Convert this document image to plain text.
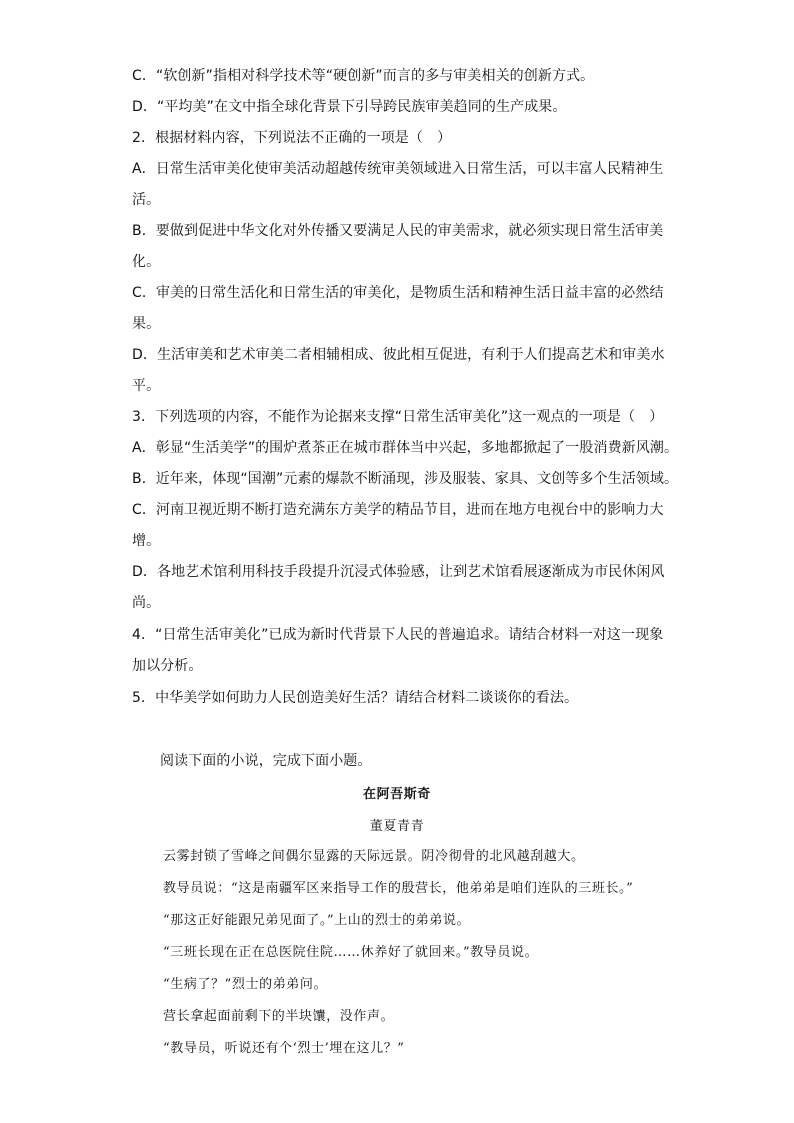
C．“软创新”指相对科学技术等“硬创新”而言的多与审美相关的创新方式。
D．“平均美”在文中指全球化背景下引导跨民族审美趋同的生产成果。
2．根据材料内容，下列说法不正确的一项是（　）
A．日常生活审美化使审美活动超越传统审美领域进入日常生活，可以丰富人民精神生
活。
B．要做到促进中华文化对外传播又要满足人民的审美需求，就必须实现日常生活审美
化。
C．审美的日常生活化和日常生活的审美化，是物质生活和精神生活日益丰富的必然结
果。
D．生活审美和艺术审美二者相辅相成、彼此相互促进，有利于人们提高艺术和审美水
平。
3．下列选项的内容，不能作为论据来支撑“日常生活审美化”这一观点的一项是（　）
A．彰显“生活美学”的围炉煮茶正在城市群体当中兴起，多地都掀起了一股消费新风潮。
B．近年来，体现“国潮”元素的爆款不断涌现，涉及服装、家具、文创等多个生活领域。
C．河南卫视近期不断打造充满东方美学的精品节目，进而在地方电视台中的影响力大
增。
D．各地艺术馆利用科技手段提升沉浸式体验感，让到艺术馆看展逐渐成为市民休闲风
尚。
4．“日常生活审美化”已成为新时代背景下人民的普遍追求。请结合材料一对这一现象
加以分析。
5．中华美学如何助力人民创造美好生活？请结合材料二谈谈你的看法。
阅读下面的小说，完成下面小题。
在阿吾斯奇
董夏青青
云雾封锁了雪峰之间偶尔显露的天际远景。阴冷彻骨的北风越刮越大。
教导员说：“这是南疆军区来指导工作的殷营长，他弟弟是咱们连队的三班长。”
“那这正好能跟兄弟见面了。”上山的烈士的弟弟说。
“三班长现在正在总医院住院……休养好了就回来。”教导员说。
“生病了？”烈士的弟弟问。
营长拿起面前剩下的半块馕，没作声。
“教导员，听说还有个‘烈士’埋在这儿？”
